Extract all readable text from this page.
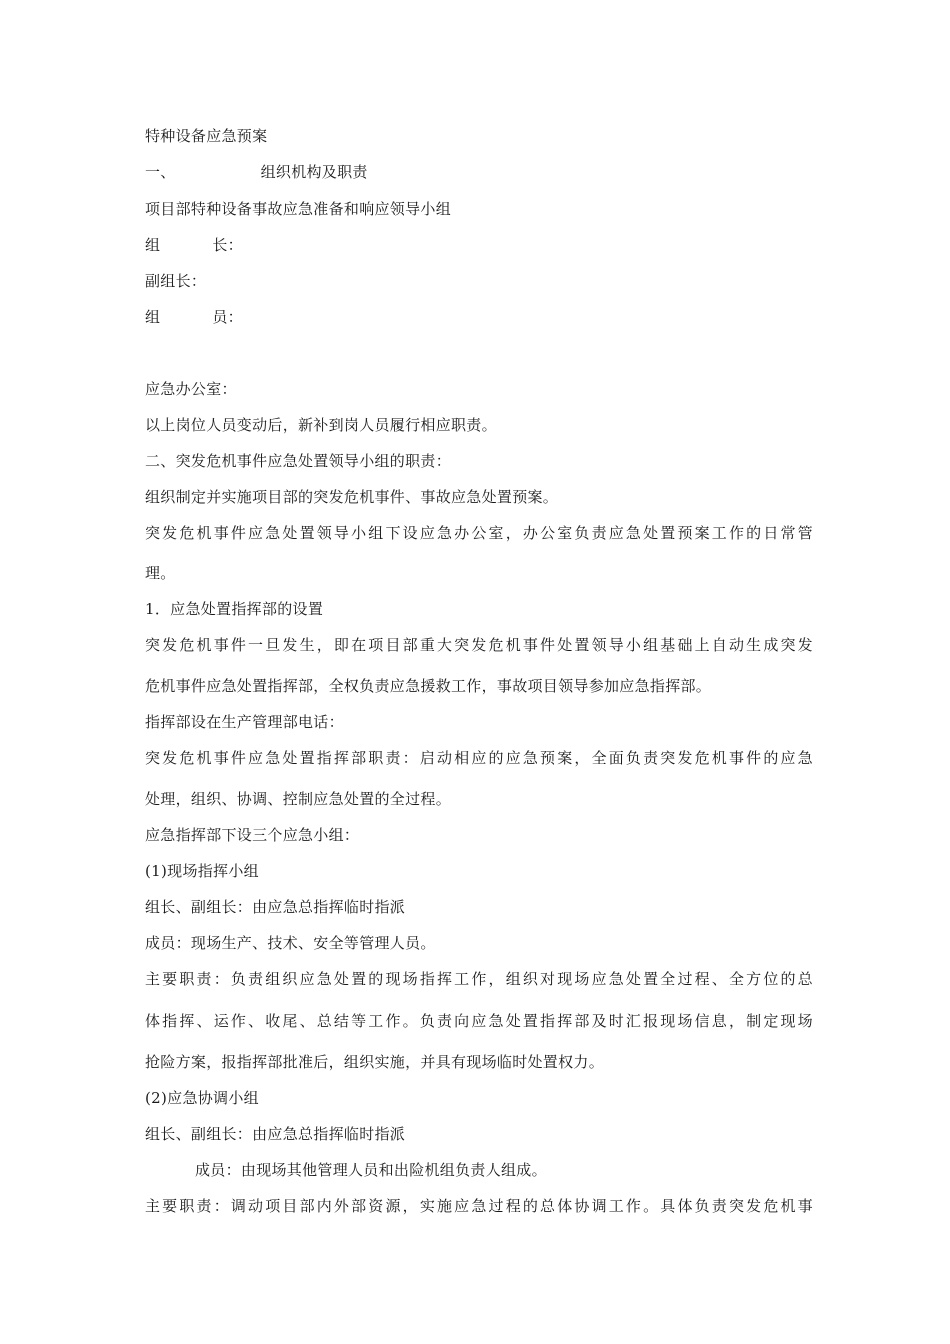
特种设备应急预案
一、	组织机构及职责
项目部特种设备事故应急准备和响应领导小组
组	长：
副组长：
组	员：
应急办公室：
以上岗位人员变动后，新补到岗人员履行相应职责。
二、突发危机事件应急处置领导小组的职责：
组织制定并实施项目部的突发危机事件、事故应急处置预案。
突发危机事件应急处置领导小组下设应急办公室，办公室负责应急处置预案工作的日常管
理。
1．应急处置指挥部的设置
突发危机事件一旦发生，即在项目部重大突发危机事件处置领导小组基础上自动生成突发
危机事件应急处置指挥部，全权负责应急援救工作，事故项目领导参加应急指挥部。
指挥部设在生产管理部电话：
突发危机事件应急处置指挥部职责：启动相应的应急预案，全面负责突发危机事件的应急
处理，组织、协调、控制应急处置的全过程。
应急指挥部下设三个应急小组：
(1)现场指挥小组
组长、副组长：由应急总指挥临时指派
成员：现场生产、技术、安全等管理人员。
主要职责：负责组织应急处置的现场指挥工作，组织对现场应急处置全过程、全方位的总
体指挥、运作、收尾、总结等工作。负责向应急处置指挥部及时汇报现场信息，制定现场
抢险方案，报指挥部批准后，组织实施，并具有现场临时处置权力。
(2)应急协调小组
组长、副组长：由应急总指挥临时指派
成员：由现场其他管理人员和出险机组负责人组成。
主要职责：调动项目部内外部资源，实施应急过程的总体协调工作。具体负责突发危机事
